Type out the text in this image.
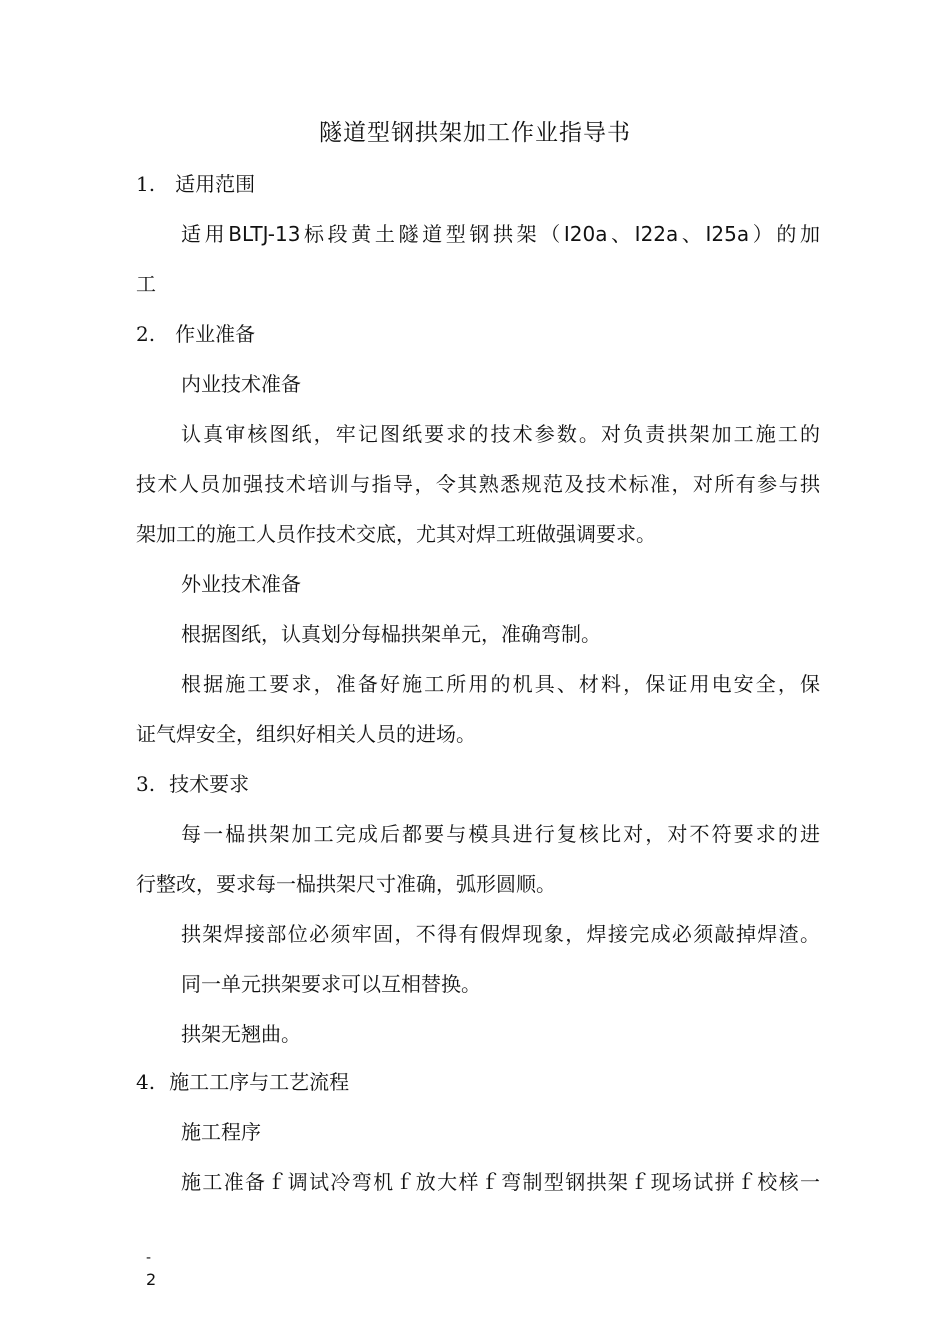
隧道型钢拱架加工作业指导书
1. 适用范围
适用BLTJ-13标段黄土隧道型钢拱架（I20a、I22a、I25a）的加
工
2. 作业准备
内业技术准备
认真审核图纸，牢记图纸要求的技术参数。对负责拱架加工施工的
技术人员加强技术培训与指导，令其熟悉规范及技术标准，对所有参与拱
架加工的施工人员作技术交底，尤其对焊工班做强调要求。
外业技术准备
根据图纸，认真划分每榀拱架单元，准确弯制。
根据施工要求，准备好施工所用的机具、材料，保证用电安全，保
证气焊安全，组织好相关人员的进场。
3. 技术要求
每一榀拱架加工完成后都要与模具进行复核比对，对不符要求的进
行整改，要求每一榀拱架尺寸准确，弧形圆顺。
拱架焊接部位必须牢固，不得有假焊现象，焊接完成必须敲掉焊渣。
同一单元拱架要求可以互相替换。
拱架无翘曲。
4. 施工工序与工艺流程
施工程序
施工准备ｆ调试冷弯机ｆ放大样ｆ弯制型钢拱架ｆ现场试拼ｆ校核一
-
2
